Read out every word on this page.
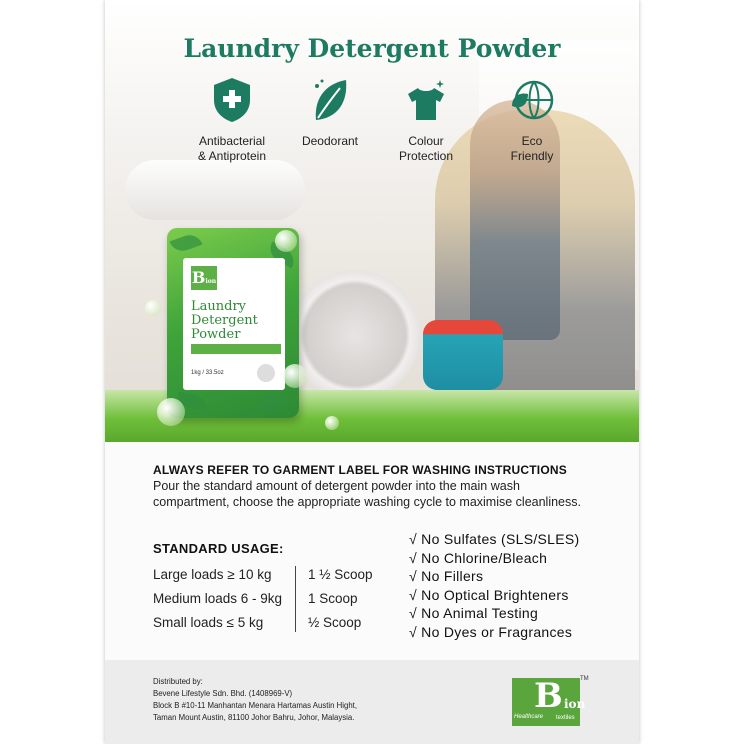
Laundry Detergent Powder
Antibacterial
& Antiprotein
Deodorant	Colour
Protection
Eco
Friendly
Bion
Laundry
Detergent
Powder
1kg / 33.5oz
ALWAYS REFER TO GARMENT LABEL FOR WASHING INSTRUCTIONS
Pour the standard amount of detergent powder into the main wash compartment, choose the appropriate washing cycle to maximise cleanliness.
STANDARD USAGE:
Large loads ≥ 10 kg	1 ½ Scoop
Medium loads 6 - 9kg 1 Scoop
Small loads ≤ 5 kg	½ Scoop
√ No Sulfates (SLS/SLES)
√ No Chlorine/Bleach
√ No Fillers
√ No Optical Brighteners
√ No Animal Testing
√ No Dyes or Fragrances
Distributed by:
Bevene Lifestyle Sdn. Bhd. (1408969-V)
Block B #10-11 Manhantan Menara Hartamas Austin Hight,
Taman Mount Austin, 81100 Johor Bahru, Johor, Malaysia.
B ion
Healthcare textiles
TM
